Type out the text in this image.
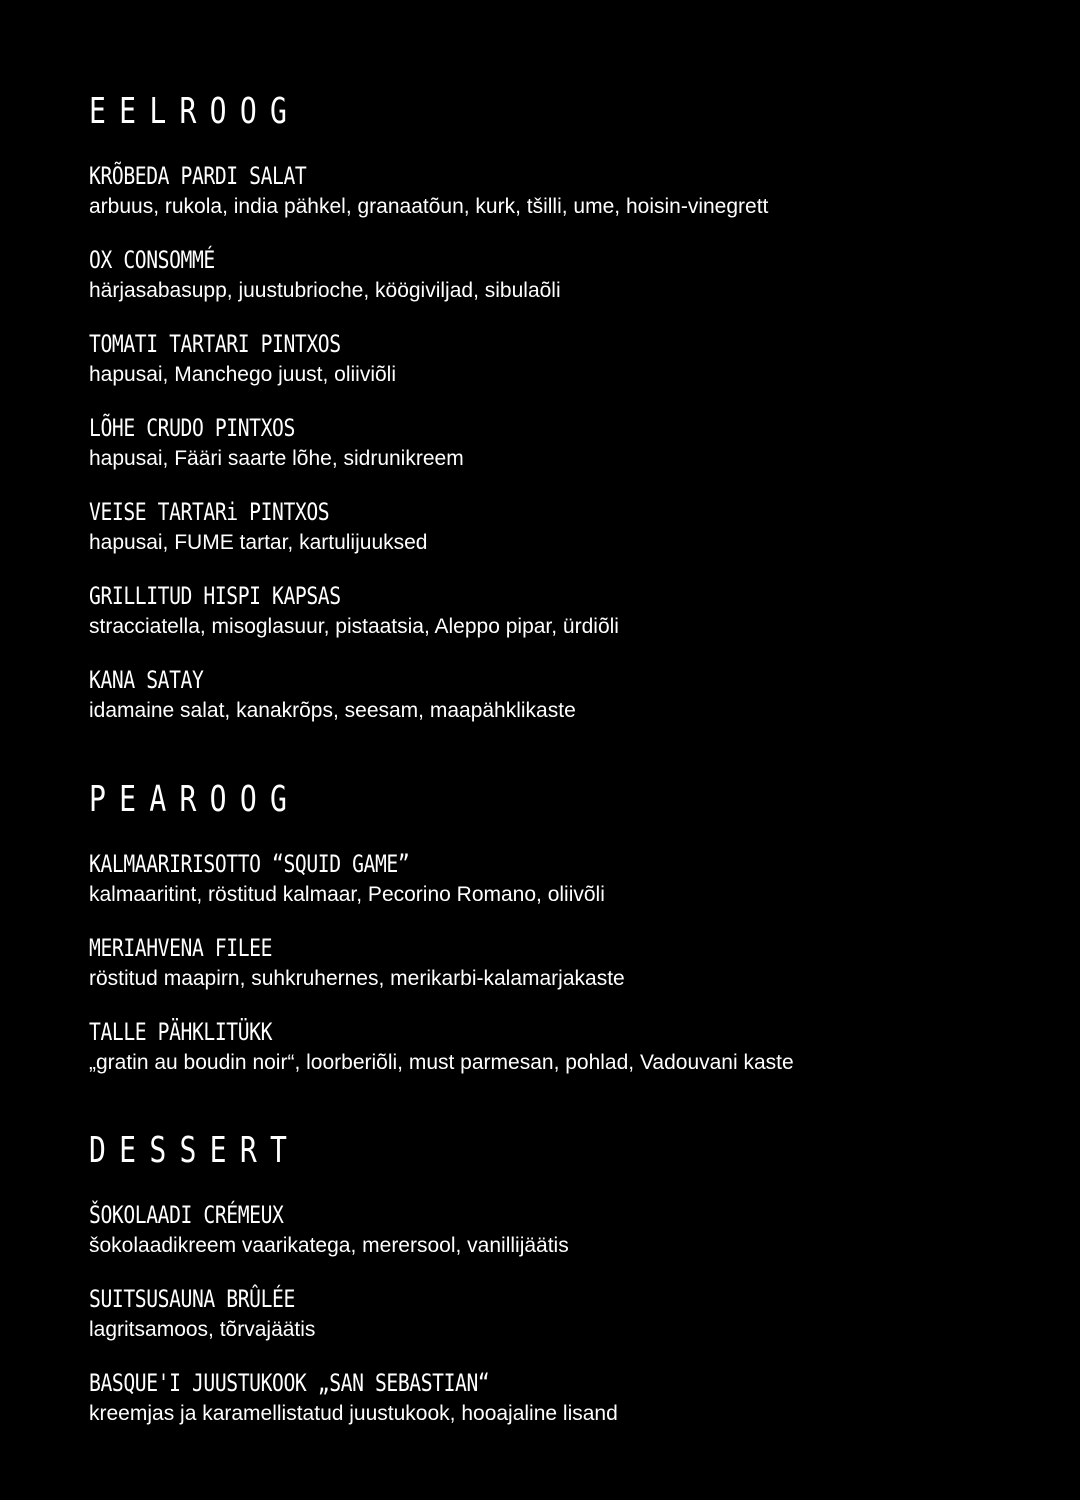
EELROOG
KRÕBEDA PARDI SALAT
arbuus, rukola, india pähkel, granaatõun, kurk, tšilli, ume, hoisin-vinegrett
OX CONSOMMÉ
härjasabasupp, juustubrioche, köögiviljad, sibulaõli
TOMATI TARTARI PINTXOS
hapusai, Manchego juust, oliiviõli
LÕHE CRUDO PINTXOS
hapusai, Fääri saarte lõhe, sidrunikreem
VEISE TARTARi PINTXOS
hapusai, FUME tartar, kartulijuuksed
GRILLITUD HISPI KAPSAS
stracciatella, misoglasuur, pistaatsia, Aleppo pipar, ürdiõli
KANA SATAY
idamaine salat, kanakrõps, seesam, maapähklikaste
PEAROOG
KALMAARIRISOTTO “SQUID GAME”
kalmaaritint, röstitud kalmaar, Pecorino Romano, oliivõli
MERIAHVENA FILEE
röstitud maapirn, suhkruhernes, merikarbi-kalamarjakaste
TALLE PÄHKLITÜKK
„gratin au boudin noir“, loorberiõli, must parmesan, pohlad, Vadouvani kaste
DESSERT
ŠOKOLAADI CRÉMEUX
šokolaadikreem vaarikatega, merersool, vanillijäätis
SUITSUSAUNA BRÛLÉE
lagritsamoos, tõrvajäätis
BASQUE'I JUUSTUKOOK „SAN SEBASTIAN“
kreemjas ja karamellistatud juustukook, hooajaline lisand
